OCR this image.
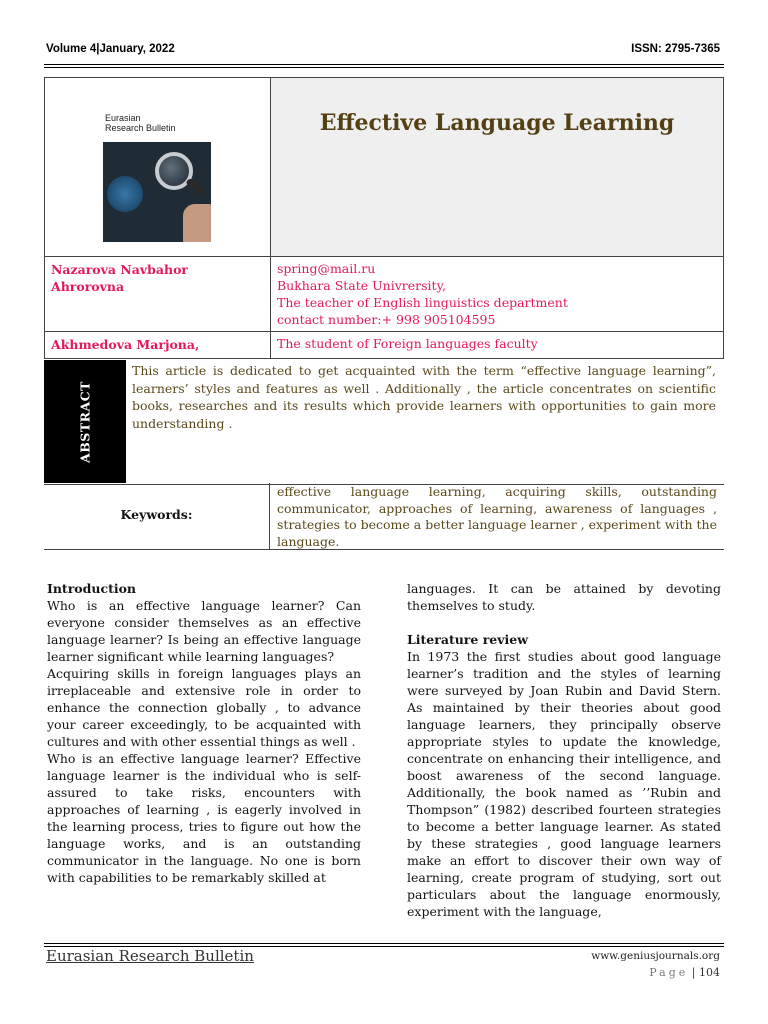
Volume 4|January, 2022	ISSN: 2795-7365
Eurasian
Research Bulletin	Effective Language Learning

Nazarova Navbahor Ahrorovna	spring@mail.ru
Bukhara State Univrersity,
The teacher of English linguistics department
contact number:+ 998 905104595

Akhmedova Marjona,	The student of Foreign languages faculty
ABSTRACT
This article is dedicated to get acquainted with the term “effective language learning”, learners’ styles and features as well . Additionally , the article concentrates on scientific books, researches and its results which provide learners with opportunities to gain more understanding .
Keywords:
effective language learning, acquiring skills, outstanding communicator, approaches of learning, awareness of languages , strategies to become a better language learner , experiment with the language.

Introduction

Who is an effective language learner? Can everyone consider themselves as an effective language learner? Is being an effective language learner significant while learning languages?

Acquiring skills in foreign languages plays an irreplaceable and extensive role in order to enhance the connection globally , to advance your career exceedingly, to be acquainted with cultures and with other essential things as well .

Who is an effective language learner? Effective language learner is the individual who is self-assured to take risks, encounters with approaches of learning , is eagerly involved in the learning process, tries to figure out how the language works, and is an outstanding communicator in the language. No one is born with capabilities to be remarkably skilled at

languages. It can be attained by devoting themselves to study.

Literature review

In 1973 the first studies about good language learner’s tradition and the styles of learning were surveyed by Joan Rubin and David Stern. As maintained by their theories about good language learners, they principally observe appropriate styles to update the knowledge, concentrate on enhancing their intelligence, and boost awareness of the second language. Additionally, the book named as ’’Rubin and Thompson” (1982) described fourteen strategies to become a better language learner. As stated by these strategies , good language learners make an effort to discover their own way of learning, create program of studying, sort out particulars about the language enormously, experiment with the language,

Eurasian Research Bulletin	www.geniusjournals.org
Page | 104
